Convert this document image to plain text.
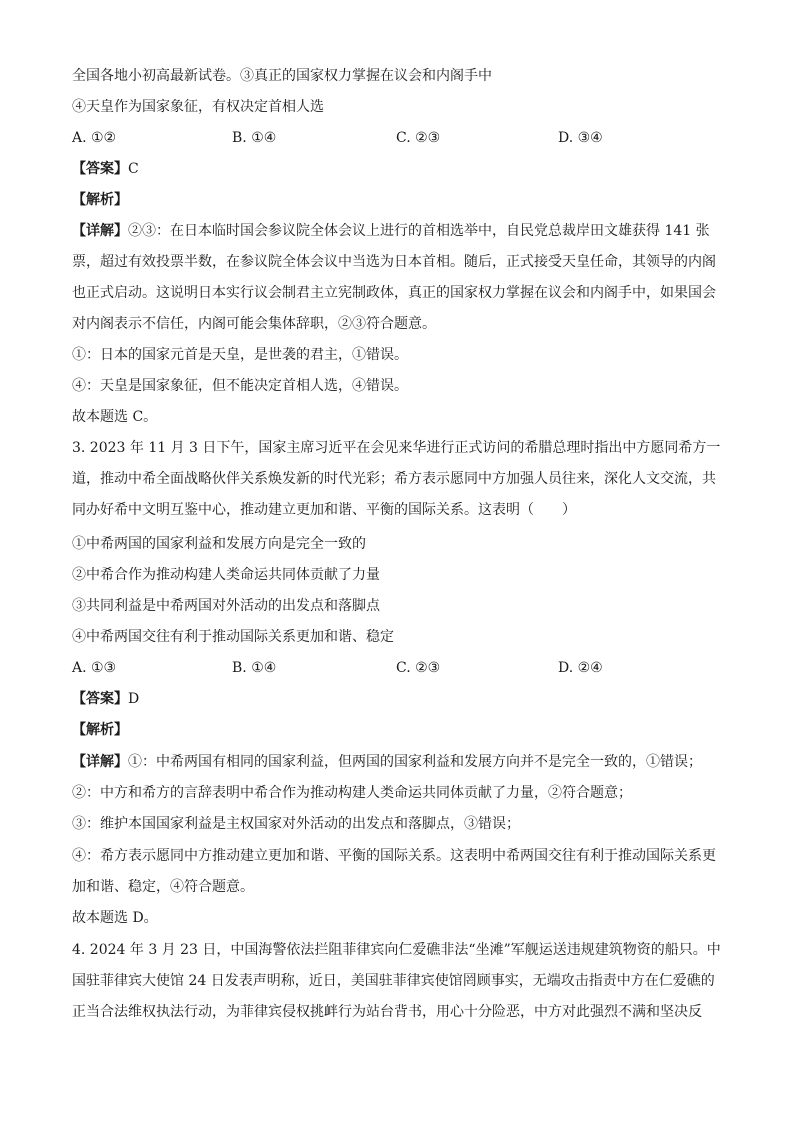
全国各地小初高最新试卷。③真正的国家权力掌握在议会和内阁手中
④天皇作为国家象征，有权决定首相人选
A. ①②	B. ①④	C. ②③	D. ③④
【答案】C
【解析】
【详解】②③：在日本临时国会参议院全体会议上进行的首相选举中，自民党总裁岸田文雄获得 141 张
票，超过有效投票半数，在参议院全体会议中当选为日本首相。随后，正式接受天皇任命，其领导的内阁
也正式启动。这说明日本实行议会制君主立宪制政体，真正的国家权力掌握在议会和内阁手中，如果国会
对内阁表示不信任，内阁可能会集体辞职，②③符合题意。
①：日本的国家元首是天皇，是世袭的君主，①错误。
④：天皇是国家象征，但不能决定首相人选，④错误。
故本题选 C。
3. 2023 年 11 月 3 日下午，国家主席习近平在会见来华进行正式访问的希腊总理时指出中方愿同希方一
道，推动中希全面战略伙伴关系焕发新的时代光彩；希方表示愿同中方加强人员往来，深化人文交流，共
同办好希中文明互鉴中心，推动建立更加和谐、平衡的国际关系。这表明（　　）
①中希两国的国家利益和发展方向是完全一致的
②中希合作为推动构建人类命运共同体贡献了力量
③共同利益是中希两国对外活动的出发点和落脚点
④中希两国交往有利于推动国际关系更加和谐、稳定
A. ①③	B. ①④	C. ②③	D. ②④
【答案】D
【解析】
【详解】①：中希两国有相同的国家利益，但两国的国家利益和发展方向并不是完全一致的，①错误；
②：中方和希方的言辞表明中希合作为推动构建人类命运共同体贡献了力量，②符合题意；
③：维护本国国家利益是主权国家对外活动的出发点和落脚点，③错误；
④：希方表示愿同中方推动建立更加和谐、平衡的国际关系。这表明中希两国交往有利于推动国际关系更
加和谐、稳定，④符合题意。
故本题选 D。
4. 2024 年 3 月 23 日，中国海警依法拦阻菲律宾向仁爱礁非法“坐滩”军舰运送违规建筑物资的船只。中
国驻菲律宾大使馆 24 日发表声明称，近日，美国驻菲律宾使馆罔顾事实，无端攻击指责中方在仁爱礁的
正当合法维权执法行动，为菲律宾侵权挑衅行为站台背书，用心十分险恶，中方对此强烈不满和坚决反
